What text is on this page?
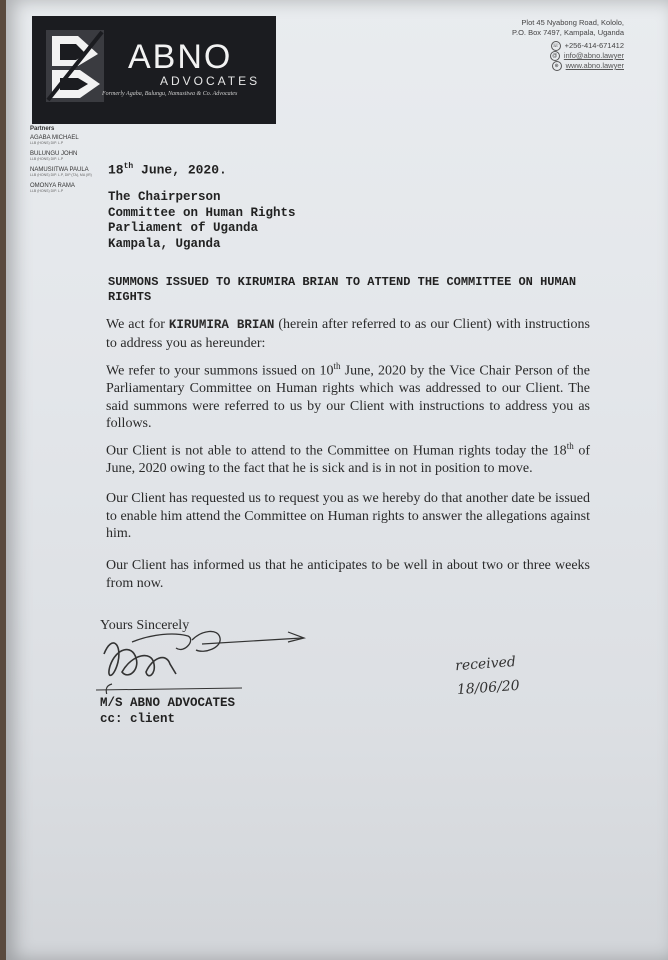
ABNO
ADVOCATES
Formerly Agaba, Bulungu, Namusitwa & Co. Advocates
Plot 45 Nyabong Road, Kololo,
P.O. Box 7497, Kampala, Uganda
☏ +256-414-671412
@ info@abno.lawyer
⊕ www.abno.lawyer
Partners
AGABA MICHAEL
LLB (HONS) DIP. L.P
BULUNGU JOHN
LLB (HONS) DIP. L.P
NAMUSIITWA PAULA
LLB (HONS) DIP. L.P, DIP (TA), MA (IR)
OMONYA RAMA
LLB (HONS) DIP. L.P
18th June, 2020.
The Chairperson
Committee on Human Rights
Parliament of Uganda
Kampala, Uganda
SUMMONS ISSUED TO KIRUMIRA BRIAN TO ATTEND THE COMMITTEE ON HUMAN RIGHTS
We act for KIRUMIRA BRIAN (herein after referred to as our Client) with instructions to address you as hereunder:
We refer to your summons issued on 10th June, 2020 by the Vice Chair Person of the Parliamentary Committee on Human rights which was addressed to our Client. The said summons were referred to us by our Client with instructions to address you as follows.
Our Client is not able to attend to the Committee on Human rights today the 18th of June, 2020 owing to the fact that he is sick and is in not in position to move.
Our Client has requested us to request you as we hereby do that another date be issued to enable him attend the Committee on Human rights to answer the allegations against him.
Our Client has informed us that he anticipates to be well in about two or three weeks from now.
Yours Sincerely
M/S ABNO ADVOCATES
cc: client
received
18/06/20
